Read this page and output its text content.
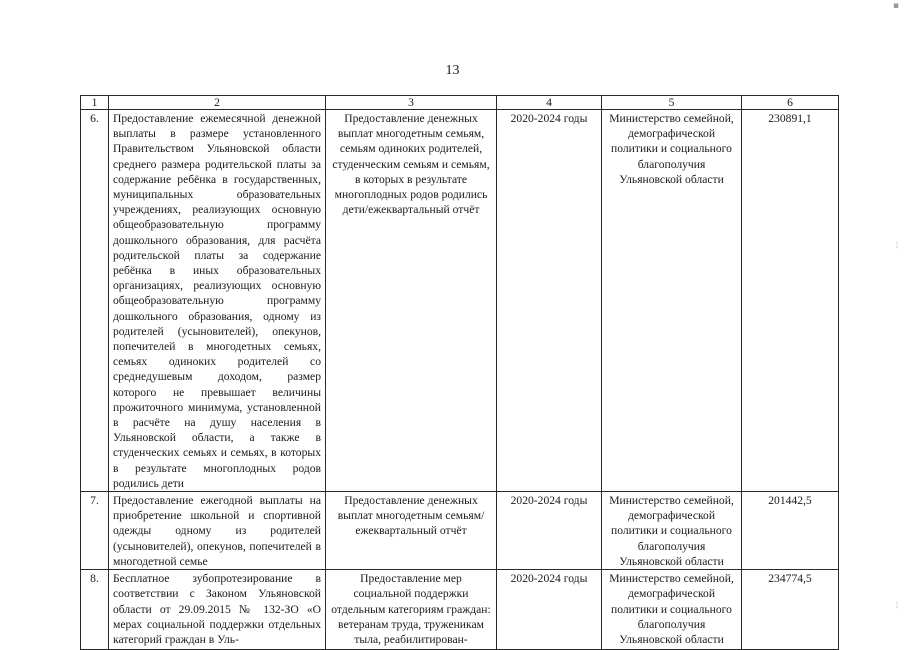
13
1	2	3	4	5	6
6.	Предоставление ежемесячной денежной выплаты в размере установленного Правительством Ульяновской области среднего размера родительской платы за содержание ребёнка в государственных, муниципальных образовательных учреждениях, реализующих основную общеобразовательную программу дошкольного образования, для расчёта родительской платы за содержание ребёнка в иных образовательных организациях, реализующих основную общеобразовательную программу дошкольного образования, одному из родителей (усыновителей), опекунов, попечителей в многодетных семьях, семьях одиноких родителей со среднедушевым доходом, размер которого не превышает величины прожиточного минимума, установленной в расчёте на душу населения в Ульяновской области, а также в студенческих семьях и семьях, в которых в результате многоплодных родов родились дети	Предоставление денежных выплат многодетным семьям, семьям одиноких родителей, студенческим семьям и семьям, в которых в результате многоплодных родов родились дети/ежеквартальный отчёт	2020-2024 годы	Министерство семейной, демографической политики и социального благополучия Ульяновской области	230891,1
7.	Предоставление ежегодной выплаты на приобретение школьной и спортивной одежды одному из родителей (усыновителей), опекунов, попечителей в многодетной семье	Предоставление денежных выплат многодетным семьям/ежеквартальный отчёт	2020-2024 годы	Министерство семейной, демографической политики и социального благополучия Ульяновской области	201442,5

8.	Бесплатное зубопротезирование в соответствии с Законом Ульяновской области от 29.09.2015 № 132-ЗО «О мерах социальной поддержки отдельных категорий граждан в Уль-	Предоставление мер социальной поддержки отдельным категориям граждан: ветеранам труда, труженикам тыла, реабилитирован-	2020-2024 годы	Министерство семейной, демографической политики и социального благополучия Ульяновской области	234774,5
▪
¦
¦
